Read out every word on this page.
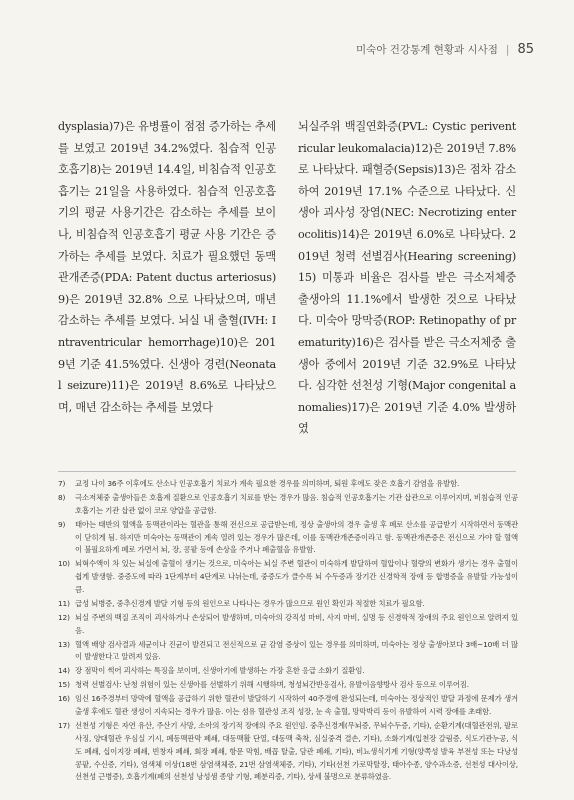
미숙아 건강통계 현황과 시사점 | 85

dysplasia)7)은 유병률이 점점 증가하는 추세를 보였고 2019년 34.2%였다. 침습적 인공호흡기8)는 2019년 14.4일, 비침습적 인공호흡기는 21일을 사용하였다. 침습적 인공호흡기의 평균 사용기간은 감소하는 추세를 보이나, 비침습적 인공호흡기 평균 사용 기간은 증가하는 추세를 보였다. 치료가 필요했던 동맥관개존증(PDA: Patent ductus arteriosus)9)은 2019년 32.8% 으로 나타났으며, 매년 감소하는 추세를 보였다. 뇌실 내 출혈(IVH: Intraventricular hemorrhage)10)은 2019년 기준 41.5%였다. 신생아 경련(Neonatal seizure)11)은 2019년 8.6%로 나타났으며, 매년 감소하는 추세를 보였다

뇌실주위 백질연화증(PVL: Cystic periventricular leukomalacia)12)은 2019년 7.8% 로 나타났다. 패혈증(Sepsis)13)은 점차 감소하여 2019년 17.1% 수준으로 나타났다. 신생아 괴사성 장염(NEC: Necrotizing enterocolitis)14)은 2019년 6.0%로 나타났다. 2019년 청력 선별검사(Hearing screening)15) 미통과 비율은 검사를 받은 극소저체중 출생아의 11.1%에서 발생한 것으로 나타났다. 미숙아 망막증(ROP: Retinopathy of prematurity)16)은 검사를 받은 극소저체중 출생아 중에서 2019년 기준 32.9%로 나타났다. 심각한 선천성 기형(Major congenital anomalies)17)은 2019년 기준 4.0% 발생하였

7)	교정 나이 36주 이후에도 산소나 인공호흡기 치료가 계속 필요한 경우를 의미하며, 퇴원 후에도 잦은 호흡기 감염을 유발함.
8)	극소저체중 출생아들은 호흡계 질환으로 인공호흡기 치료를 받는 경우가 많음. 침습적 인공호흡기는 기관 삽관으로 이루어지며, 비침습적 인공호흡기는 기관 삽관 없이 코로 양압을 공급함.
9)	태아는 태반의 혈액을 동맥관이라는 혈관을 통해 전신으로 공급받는데, 정상 출생아의 경우 출생 후 폐로 산소를 공급받기 시작하면서 동맥관이 닫히게 됨. 하지만 미숙아는 동맥관이 계속 열려 있는 경우가 많은데, 이를 동맥관개존증이라고 함. 동맥관개존증은 전신으로 가야 할 혈액이 불필요하게 폐로 가면서 뇌, 장, 콩팥 등에 손상을 주거나 폐출혈을 유발함.
10) 뇌혁수액이 차 있는 뇌실에 출혈이 생기는 것으로, 미숙아는 뇌실 주변 혈관이 미숙하게 발달하여 혈압이나 혈량의 변화가 생기는 경우 출혈이 쉽게 발생함. 중증도에 따라 1단계부터 4단계로 나뉘는데, 중증도가 클수록 뇌 수두증과 장기간 신경학적 장애 등 합병증을 유발할 가능성이 큼.
11) 급성 뇌병증, 중추신경계 발달 기형 등의 원인으로 나타나는 경우가 많으므로 원인 확인과 적절한 치료가 필요함.
12) 뇌실 주변의 백질 조직이 괴사하거나 손상되어 발생하며, 미숙아의 강직성 마비, 사지 마비, 실명 등 신경학적 장애의 주요 원인으로 알려져 있음.
13) 혈액 배양 검사결과 세균이나 진균이 발견되고 전신적으로 균 감염 증상이 있는 경우를 의미하며, 미숙아는 정상 출생아보다 3배~10배 더 많이 발생한다고 알려져 있음.
14) 장 점막이 썩어 괴사하는 특징을 보이며, 신생아기에 발생하는 가장 흔한 응급 소화기 질환임.
15) 청력 선별검사: 난청 위험이 있는 신생아를 선별하기 위해 시행하며, 청성뇌간반응검사, 유발이음향방사 검사 등으로 이루어짐.
16) 임신 16주경부터 망막에 혈액을 공급하기 위한 혈관이 발달하기 시작하여 40주경에 완성되는데, 미숙아는 정상적인 발달 과정에 문제가 생겨 출생 후에도 혈관 생성이 지속되는 경우가 많음. 이는 섬유 혈관성 조직 성장, 눈 속 출혈, 망막박리 등이 유발하여 시력 장애를 초래함.
17) 선천성 기형은 자연 유산, 주산기 사망, 소아의 장기적 장애의 주요 원인임. 중추신경계(무뇌증, 무뇌수두증, 기타), 순환기계(대혈관전위, 팔로사징, 양대혈관 우심실 기시, 폐동맥판막 폐쇄, 대동맥활 단열, 대동맥 축착, 심실중격 결손, 기타), 소화기계(입천장 갈림증, 식도기관누공, 식도 폐쇄, 십이지장 폐쇄, 빈창자 폐쇄, 회장 폐쇄, 항문 막힘, 배꼽 탈출, 담관 폐쇄, 기타), 비뇨생식기계 기형(양쪽성 발육 부전성 또는 다낭성 콩팥, 수신증, 기타), 염색체 이상(18번 삼염색체증, 21번 삼염색체증, 기타), 기타(선천 가로막탈장, 태아수종, 양수과소증, 선천성 대사이상, 선천성 근병증), 호흡기계(폐의 선천성 낭성샘 종양 기형, 폐분리증, 기타), 상세 불명으로 분류하였음.
